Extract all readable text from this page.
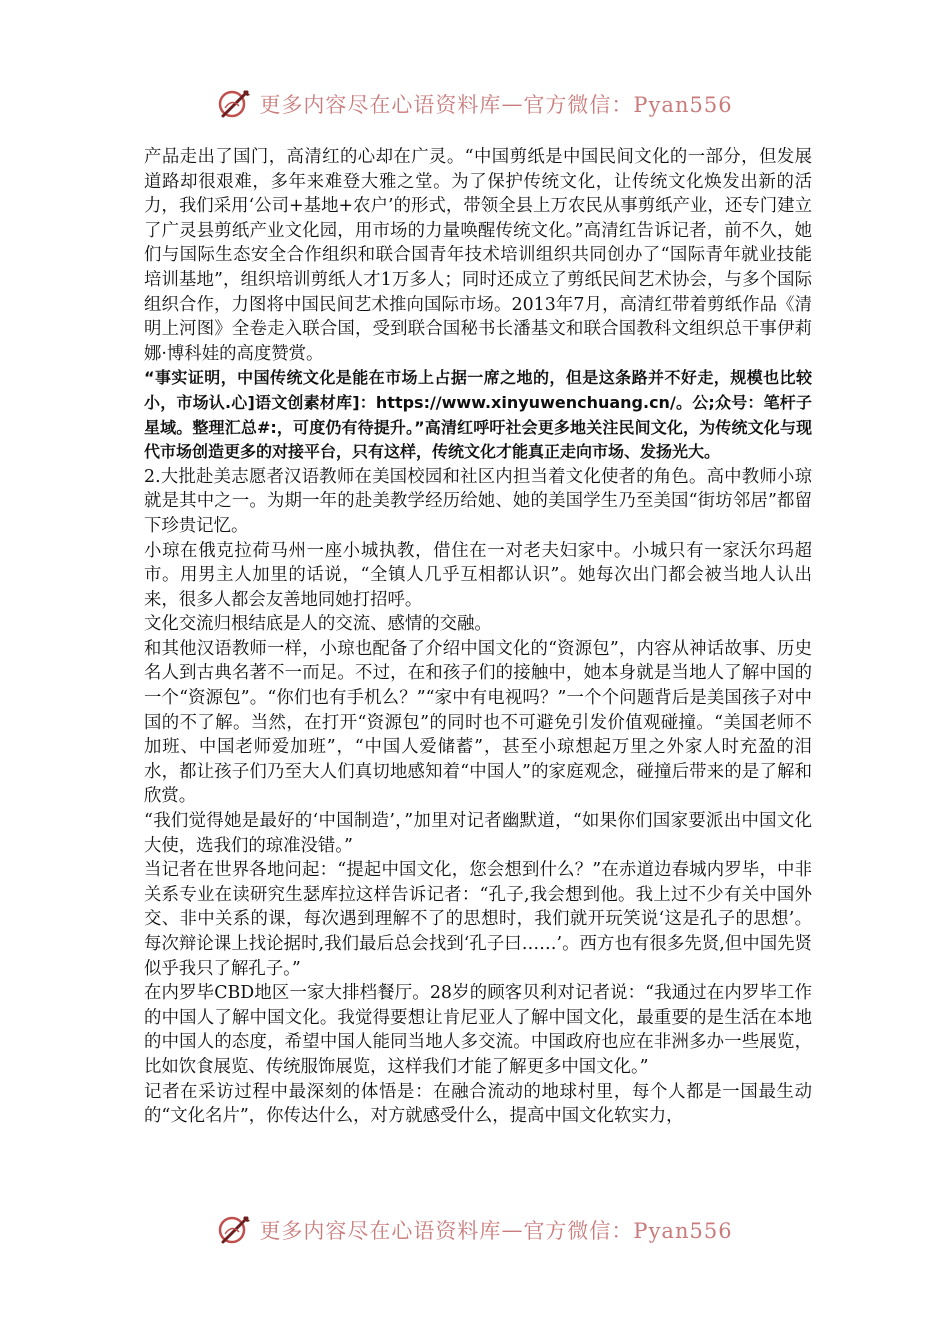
更多内容尽在心语资料库 — 官方微信：Pyan556

产品走出了国门，高清红的心却在广灵。“中国剪纸是中国民间文化的一部分，但发展道路却很艰难，多年来难登大雅之堂。为了保护传统文化，让传统文化焕发出新的活力，我们采用‘公司+基地+农户’的形式，带领全县上万农民从事剪纸产业，还专门建立了广灵县剪纸产业文化园，用市场的力量唤醒传统文化。”高清红告诉记者，前不久，她们与国际生态安全合作组织和联合国青年技术培训组织共同创办了“国际青年就业技能培训基地”，组织培训剪纸人才1万多人；同时还成立了剪纸民间艺术协会，与多个国际组织合作，力图将中国民间艺术推向国际市场。2013年7月，高清红带着剪纸作品《清明上河图》全卷走入联合国，受到联合国秘书长潘基文和联合国教科文组织总干事伊莉娜·博科娃的高度赞赏。

“事实证明，中国传统文化是能在市场上占据一席之地的，但是这条路并不好走，规模也比较小，市场认.心]语文创素材库]：https://www.xinyuwenchuang.cn/。公;众号：笔杆子星域。整理汇总#:，可度仍有待提升。”高清红呼吁社会更多地关注民间文化，为传统文化与现代市场创造更多的对接平台，只有这样，传统文化才能真正走向市场、发扬光大。

2.大批赴美志愿者汉语教师在美国校园和社区内担当着文化使者的角色。高中教师小琼就是其中之一。为期一年的赴美教学经历给她、她的美国学生乃至美国“街坊邻居”都留下珍贵记忆。

小琼在俄克拉荷马州一座小城执教，借住在一对老夫妇家中。小城只有一家沃尔玛超市。用男主人加里的话说，“全镇人几乎互相都认识”。她每次出门都会被当地人认出来，很多人都会友善地同她打招呼。

文化交流归根结底是人的交流、感情的交融。

和其他汉语教师一样，小琼也配备了介绍中国文化的“资源包”，内容从神话故事、历史名人到古典名著不一而足。不过，在和孩子们的接触中，她本身就是当地人了解中国的一个“资源包”。“你们也有手机么？”“家中有电视吗？”一个个问题背后是美国孩子对中国的不了解。当然，在打开“资源包”的同时也不可避免引发价值观碰撞。“美国老师不加班、中国老师爱加班”，“中国人爱储蓄”，甚至小琼想起万里之外家人时充盈的泪水，都让孩子们乃至大人们真切地感知着“中国人”的家庭观念，碰撞后带来的是了解和欣赏。

“我们觉得她是最好的‘中国制造’，”加里对记者幽默道，“如果你们国家要派出中国文化大使，选我们的琼准没错。”

当记者在世界各地问起：“提起中国文化，您会想到什么？”在赤道边春城内罗毕，中非关系专业在读研究生瑟库拉这样告诉记者：“孔子,我会想到他。我上过不少有关中国外交、非中关系的课，每次遇到理解不了的思想时，我们就开玩笑说‘这是孔子的思想’。每次辩论课上找论据时,我们最后总会找到‘孔子曰……’。西方也有很多先贤,但中国先贤似乎我只了解孔子。”

在内罗毕CBD地区一家大排档餐厅。28岁的顾客贝利对记者说：“我通过在内罗毕工作的中国人了解中国文化。我觉得要想让肯尼亚人了解中国文化，最重要的是生活在本地的中国人的态度，希望中国人能同当地人多交流。中国政府也应在非洲多办一些展览，比如饮食展览、传统服饰展览，这样我们才能了解更多中国文化。”

记者在采访过程中最深刻的体悟是：在融合流动的地球村里，每个人都是一国最生动的“文化名片”，你传达什么，对方就感受什么，提高中国文化软实力，

更多内容尽在心语资料库 — 官方微信：Pyan556
